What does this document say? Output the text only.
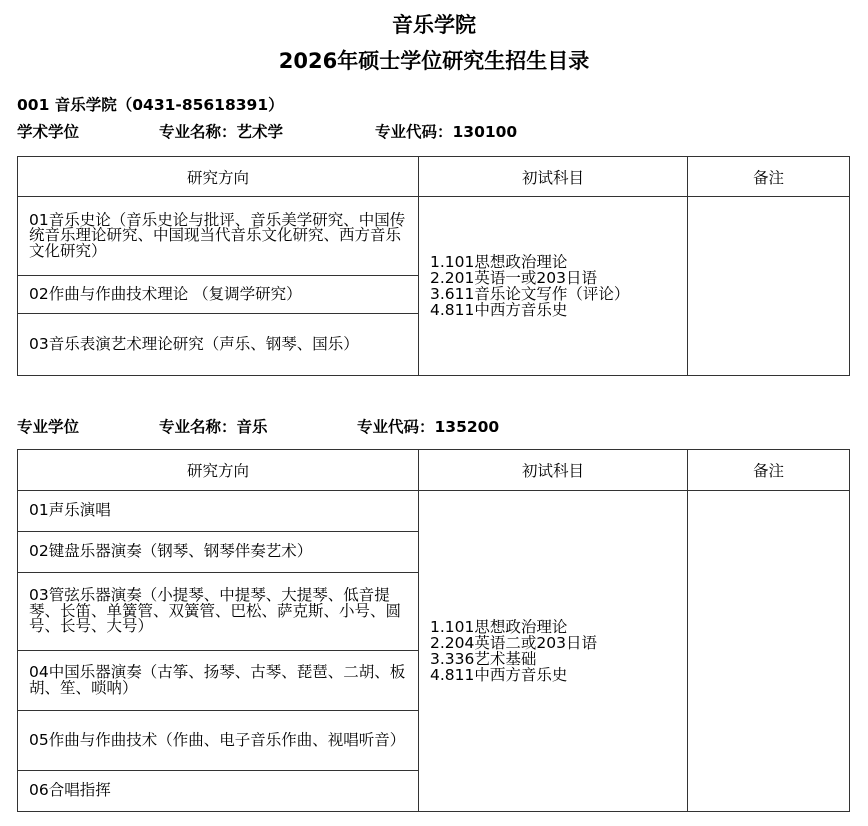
音乐学院
2026年硕士学位研究生招生目录
001 音乐学院（0431-85618391）
学术学位	专业名称：艺术学	专业代码：130100
研究方向	初试科目	备注
01音乐史论（音乐史论与批评、音乐美学研究、中国传统音乐理论研究、中国现当代音乐文化研究、西方音乐文化研究）	1.101思想政治理论
2.201英语一或203日语
3.611音乐论文写作（评论）
4.811中西方音乐史	

02作曲与作曲技术理论 （复调学研究）		
03音乐表演艺术理论研究（声乐、钢琴、国乐）		
专业学位	专业名称：音乐	专业代码：135200
研究方向	初试科目	备注
01声乐演唱	1.101思想政治理论
2.204英语二或203日语
3.336艺术基础
4.811中西方音乐史	

02键盘乐器演奏（钢琴、钢琴伴奏艺术）		
03管弦乐器演奏（小提琴、中提琴、大提琴、低音提琴、长笛、单簧管、双簧管、巴松、萨克斯、小号、圆号、长号、大号）		
04中国乐器演奏（古筝、扬琴、古琴、琵琶、二胡、板胡、笙、唢呐）		
05作曲与作曲技术（作曲、电子音乐作曲、视唱听音）		
06合唱指挥		
